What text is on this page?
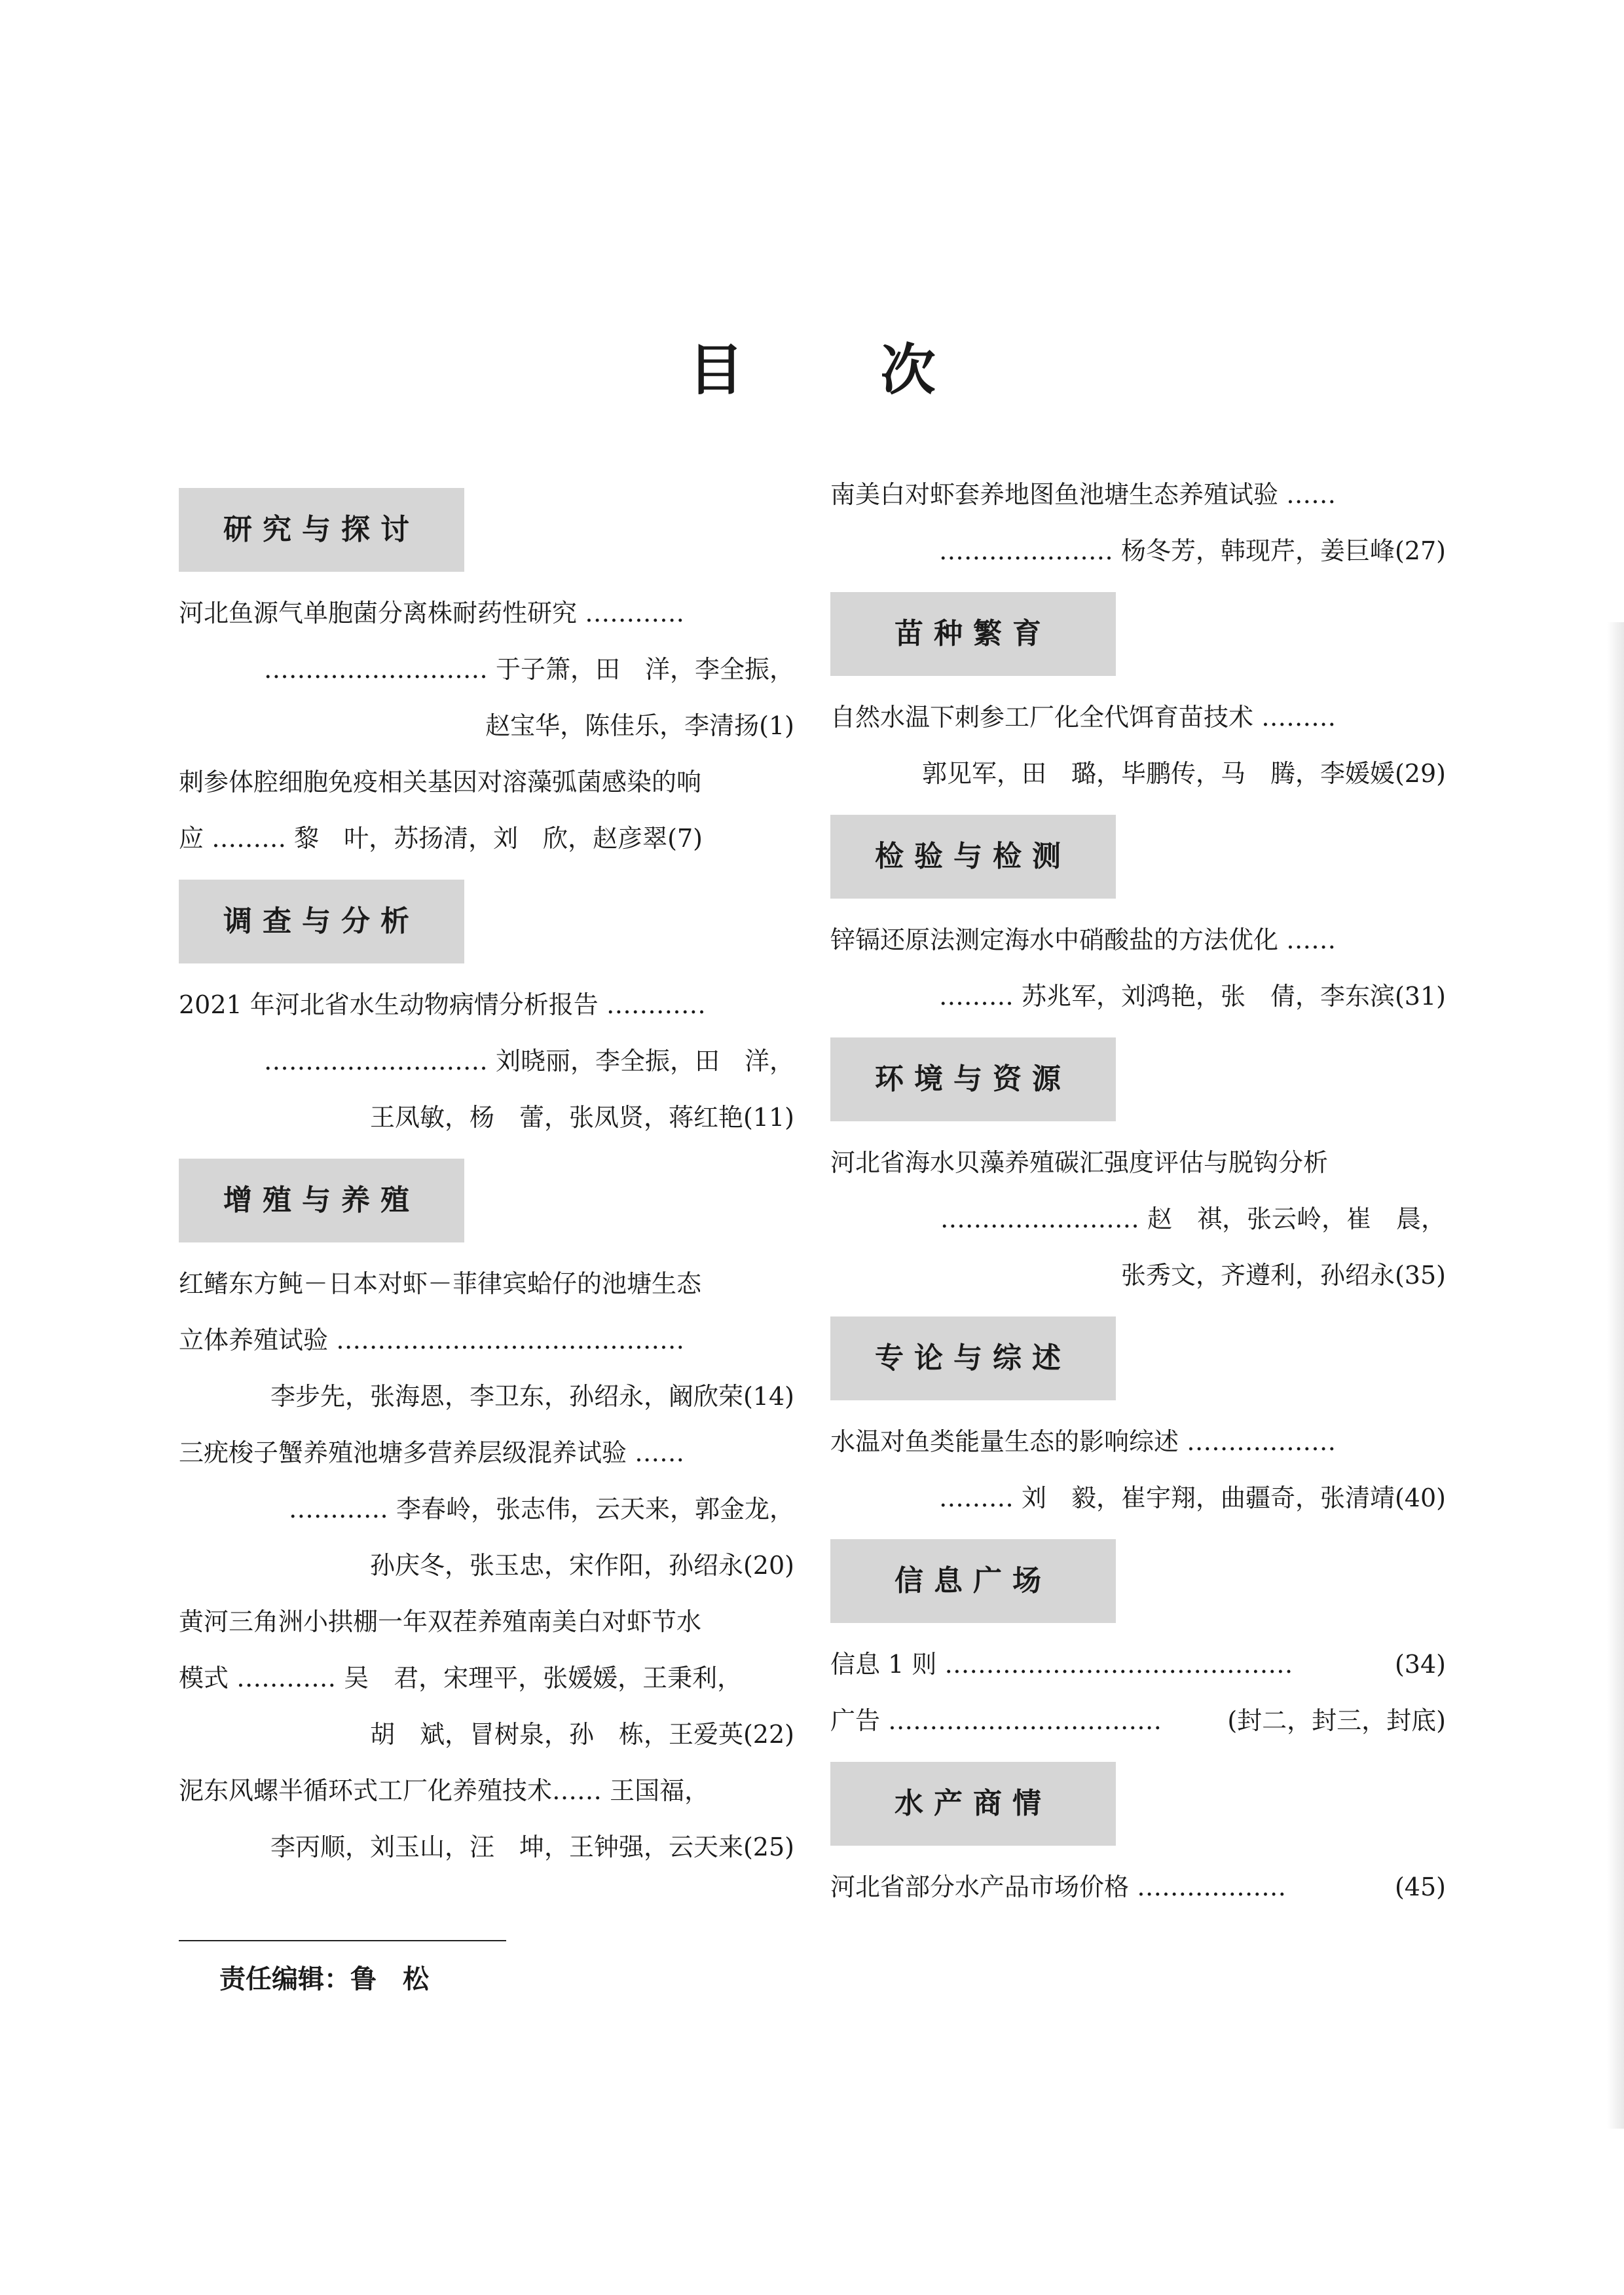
目 次
研究与探讨
河北鱼源气单胞菌分离株耐药性研究 …………
……………………… 于子箫，田　洋，李全振，
赵宝华，陈佳乐，李清扬(1)
刺参体腔细胞免疫相关基因对溶藻弧菌感染的响
应 ……… 黎　叶，苏扬清，刘　欣，赵彦翠(7)
调查与分析
2021 年河北省水生动物病情分析报告 …………
……………………… 刘晓丽，李全振，田　洋，
王凤敏，杨　蕾，张凤贤，蒋红艳(11)
增殖与养殖
红鳍东方鲀－日本对虾－菲律宾蛤仔的池塘生态
立体养殖试验 ……………………………………
李步先，张海恩，李卫东，孙绍永，阚欣荣(14)
三疣梭子蟹养殖池塘多营养层级混养试验 ……
………… 李春岭，张志伟，云天来，郭金龙，
孙庆冬，张玉忠，宋作阳，孙绍永(20)
黄河三角洲小拱棚一年双茬养殖南美白对虾节水
模式 ………… 吴　君，宋理平，张媛媛，王秉利，
胡　斌，冒树泉，孙　栋，王爱英(22)
泥东风螺半循环式工厂化养殖技术…… 王国福，
李丙顺，刘玉山，汪　坤，王钟强，云天来(25)
南美白对虾套养地图鱼池塘生态养殖试验 ……
………………… 杨冬芳，韩现芹，姜巨峰(27)
苗种繁育
自然水温下刺参工厂化全代饵育苗技术 ………
郭见军，田　璐，毕鹏传，马　腾，李媛媛(29)
检验与检测
锌镉还原法测定海水中硝酸盐的方法优化 ……
……… 苏兆军，刘鸿艳，张　倩，李东滨(31)
环境与资源
河北省海水贝藻养殖碳汇强度评估与脱钩分析
…………………… 赵　祺，张云岭，崔　晨，
张秀文，齐遵利，孙绍永(35)
专论与综述
水温对鱼类能量生态的影响综述 ………………
……… 刘　毅，崔宇翔，曲疆奇，张清靖(40)
信息广场
信息 1 则 ……………………………………	(34)
广告 ……………………………	(封二，封三，封底)
水产商情
河北省部分水产品市场价格 ………………	(45)
责任编辑：鲁　松
